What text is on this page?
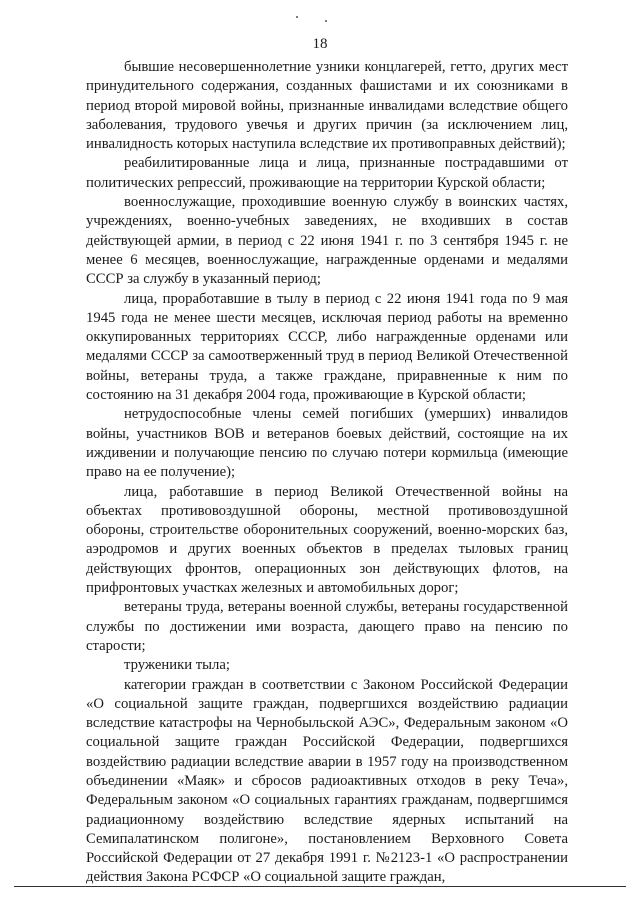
18

бывшие несовершеннолетние узники концлагерей, гетто, других мест принудительного содержания, созданных фашистами и их союзниками в период второй мировой войны, признанные инвалидами вследствие общего заболевания, трудового увечья и других причин (за исключением лиц, инвалидность которых наступила вследствие их противоправных действий);

реабилитированные лица и лица, признанные пострадавшими от политических репрессий, проживающие на территории Курской области;

военнослужащие, проходившие военную службу в воинских частях, учреждениях, военно-учебных заведениях, не входивших в состав действующей армии, в период с 22 июня 1941 г. по 3 сентября 1945 г. не менее 6 месяцев, военнослужащие, награжденные орденами и медалями СССР за службу в указанный период;

лица, проработавшие в тылу в период с 22 июня 1941 года по 9 мая 1945 года не менее шести месяцев, исключая период работы на временно оккупированных территориях СССР, либо награжденные орденами или медалями СССР за самоотверженный труд в период Великой Отечественной войны, ветераны труда, а также граждане, приравненные к ним по состоянию на 31 декабря 2004 года, проживающие в Курской области;

нетрудоспособные члены семей погибших (умерших) инвалидов войны, участников ВОВ и ветеранов боевых действий, состоящие на их иждивении и получающие пенсию по случаю потери кормильца (имеющие право на ее получение);

лица, работавшие в период Великой Отечественной войны на объектах противовоздушной обороны, местной противовоздушной обороны, строительстве оборонительных сооружений, военно-морских баз, аэродромов и других военных объектов в пределах тыловых границ действующих фронтов, операционных зон действующих флотов, на прифронтовых участках железных и автомобильных дорог;

ветераны труда, ветераны военной службы, ветераны государственной службы по достижении ими возраста, дающего право на пенсию по старости;

труженики тыла;

категории граждан в соответствии с Законом Российской Федерации «О социальной защите граждан, подвергшихся воздействию радиации вследствие катастрофы на Чернобыльской АЭС», Федеральным законом «О социальной защите граждан Российской Федерации, подвергшихся воздействию радиации вследствие аварии в 1957 году на производственном объединении «Маяк» и сбросов радиоактивных отходов в реку Теча», Федеральным законом «О социальных гарантиях гражданам, подвергшимся радиационному воздействию вследствие ядерных испытаний на Семипалатинском полигоне», постановлением Верховного Совета Российской Федерации от 27 декабря 1991 г. №2123-1 «О распространении действия Закона РСФСР «О социальной защите граждан,
